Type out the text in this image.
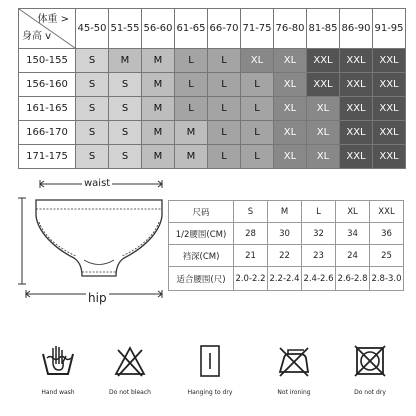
体重 >
身高 v	45-50	51-55	56-60	61-65	66-70	71-75	76-80	81-85	86-90	91-95
150-155	S	M	M	L	L	XL	XL	XXL	XXL	XXL
156-160	S	S	M	L	L	L	XL	XXL	XXL	XXL
161-165	S	S	M	L	L	L	XL	XL	XXL	XXL
166-170	S	S	M	M	L	L	XL	XL	XXL	XXL
171-175	S	S	M	M	L	L	XL	XL	XXL	XXL
waist
hip
尺码	S	M	L	XL	XXL
1/2腰围(CM)	28	30	32	34	36
裆深(CM)	21	22	23	24	25
适合腰围(尺)	2.0-2.2	2.2-2.4	2.4-2.6	2.6-2.8	2.8-3.0
Hand wash	Do not bleach	Hanging to dry	Not ironing	Do not dry
